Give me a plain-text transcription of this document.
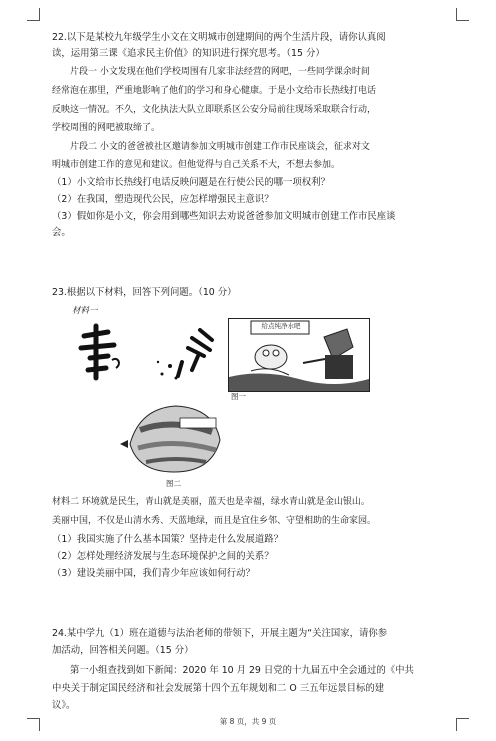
22.以下是某校九年级学生小文在文明城市创建期间的两个生活片段，请你认真阅
读，运用第三课《追求民主价值》的知识进行探究思考。（15 分）
片段一 小文发现在他们学校周围有几家非法经营的网吧，一些同学课余时间
经常泡在那里，严重地影响了他们的学习和身心健康。于是小文给市长热线打电话
反映这一情况。不久，文化执法大队立即联系区公安分局前往现场采取联合行动，
学校周围的网吧被取缔了。
片段二 小文的爸爸被社区邀请参加文明城市创建工作市民座谈会，征求对文
明城市创建工作的意见和建议。但他觉得与自己关系不大，不想去参加。
（1）小文给市长热线打电话反映问题是在行使公民的哪一项权利？
（2）在我国，塑造现代公民，应怎样增强民主意识？
（3）假如你是小文，你会用到哪些知识去劝说爸爸参加文明城市创建工作市民座谈
会。
23.根据以下材料，回答下列问题。（10 分）
材料一
给点纯净水吧
图一
图二
材料二 环境就是民生，青山就是美丽，蓝天也是幸福，绿水青山就是金山银山。
美丽中国，不仅是山清水秀、天蓝地绿，而且是宜住乡邻、守望相助的生命家园。
（1）我国实施了什么基本国策？坚持走什么发展道路？
（2）怎样处理经济发展与生态环境保护之间的关系？
（3）建设美丽中国，我们青少年应该如何行动？
24.某中学九（1）班在道德与法治老师的带领下，开展主题为“关注国家，请你参
加活动，回答相关问题。（15 分）
第一小组查找到如下新闻：2020 年 10 月 29 日党的十九届五中全会通过的《中共
中央关于制定国民经济和社会发展第十四个五年规划和二 O 三五年远景目标的建
议》。
第 8 页，共 9 页
